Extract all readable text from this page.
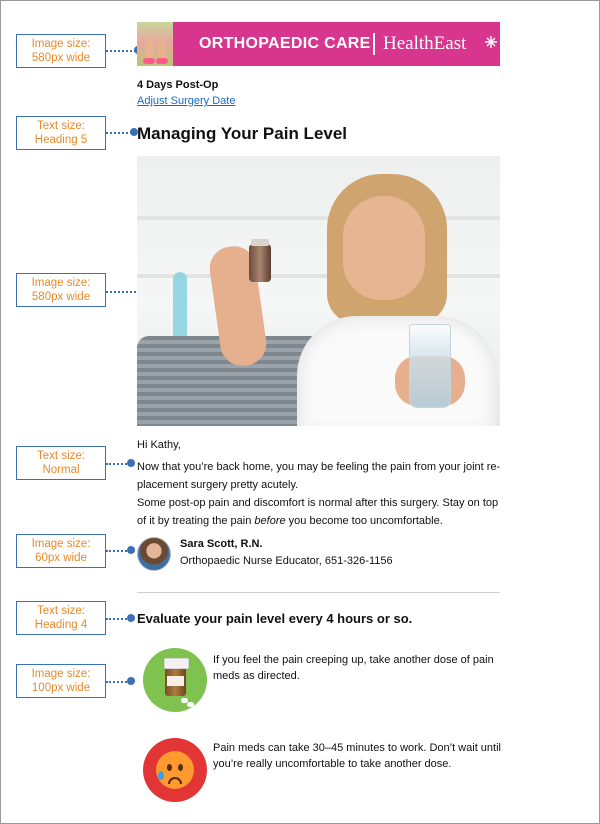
Image size:
580px wide
Text size:
Heading 5
Image size:
580px wide
Text size:
Normal
Image size:
60px wide
Text size:
Heading 4
Image size:
100px wide
ORTHOPAEDIC CARE HealthEast
4 Days Post-Op
Adjust Surgery Date
Managing Your Pain Level
Hi Kathy,
Now that you’re back home, you may be feeling the pain from your joint re-placement surgery pretty acutely.
Some post-op pain and discomfort is normal after this surgery. Stay on top of it by treating the pain before you become too uncomfortable.
Sara Scott, R.N.
Orthopaedic Nurse Educator, 651-326-1156
Evaluate your pain level every 4 hours or so.
If you feel the pain creeping up, take another dose of pain meds as directed.
Pain meds can take 30–45 minutes to work. Don’t wait until you’re really uncomfortable to take another dose.
